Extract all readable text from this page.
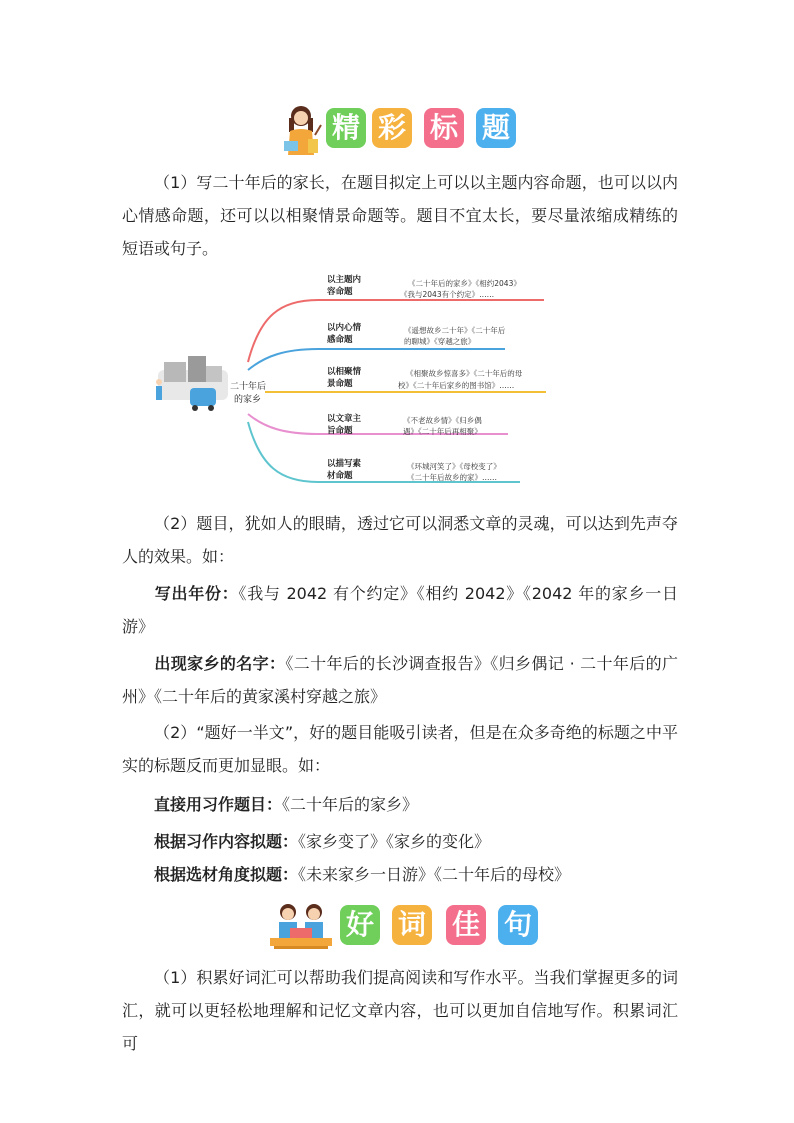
精 彩 标 题

（1）写二十年后的家长，在题目拟定上可以以主题内容命题，也可以以内心情感命题，还可以以相聚情景命题等。题目不宜太长，要尽量浓缩成精练的短语或句子。

二十年后
的家乡
以主题内
容命题
《二十年后的家乡》《相约2043》
《我与2043有个约定》……
以内心情
感命题
《遥想故乡二十年》《二十年后
的聊城》《穿越之旅》
以相聚情
景命题
《相聚故乡惊喜多》《二十年后的母
校》《二十年后家乡的图书馆》……
以文章主
旨命题
《不老故乡情》《归乡偶
遇》《二十年后再相聚》
以描写素
材命题
《环城河笑了》《母校变了》
《二十年后故乡的家》……

（2）题目，犹如人的眼睛，透过它可以洞悉文章的灵魂，可以达到先声夺人的效果。如：

写出年份：《我与 2042 有个约定》《相约 2042》《2042 年的家乡一日游》

出现家乡的名字：《二十年后的长沙调查报告》《归乡偶记 · 二十年后的广州》《二十年后的黄家溪村穿越之旅》

（2）“题好一半文”，好的题目能吸引读者，但是在众多奇绝的标题之中平实的标题反而更加显眼。如：

直接用习作题目：《二十年后的家乡》
根据习作内容拟题：《家乡变了》《家乡的变化》
根据选材角度拟题：《未来家乡一日游》《二十年后的母校》
好 词 佳 句

（1）积累好词汇可以帮助我们提高阅读和写作水平。当我们掌握更多的词汇，就可以更轻松地理解和记忆文章内容，也可以更加自信地写作。积累词汇可
